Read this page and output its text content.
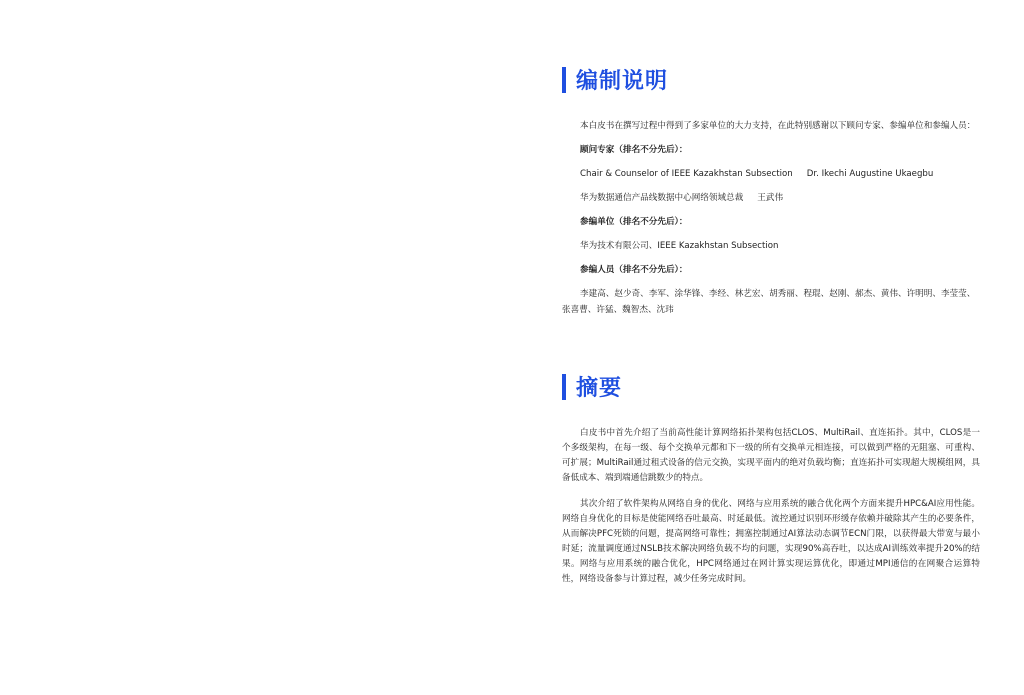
编制说明
本白皮书在撰写过程中得到了多家单位的大力支持，在此特别感谢以下顾问专家、参编单位和参编人员：
顾问专家（排名不分先后）：
Chair & Counselor of IEEE Kazakhstan Subsection Dr. Ikechi Augustine Ukaegbu
华为数据通信产品线数据中心网络领域总裁 王武伟
参编单位（排名不分先后）：
华为技术有限公司、IEEE Kazakhstan Subsection
参编人员（排名不分先后）：
李建高、赵少奇、李军、涂华锋、李经、林艺宏、胡秀丽、程琨、赵刚、郝杰、黄伟、许明明、李莹莹、
张喜曹、许猛、魏智杰、沈玮
摘要
白皮书中首先介绍了当前高性能计算网络拓扑架构包括CLOS、MultiRail、直连拓扑。其中，CLOS是一个多级架构，在每一级、每个交换单元都和下一级的所有交换单元相连接，可以做到严格的无阻塞、可重构、可扩展；MultiRail通过租式设备的信元交换，实现平面内的绝对负载均衡；直连拓扑可实现超大规模组网，具备低成本、端到端通信跳数少的特点。
其次介绍了软件架构从网络自身的优化、网络与应用系统的融合优化两个方面来提升HPC&AI应用性能。网络自身优化的目标是使能网络吞吐最高、时延最低。流控通过识别环形缓存依赖并破除其产生的必要条件，从而解决PFC死锁的问题，提高网络可靠性；拥塞控制通过AI算法动态调节ECN门限，以获得最大带宽与最小时延；流量调度通过NSLB技术解决网络负载不均的问题，实现90%高吞吐，以达成AI训练效率提升20%的结果。网络与应用系统的融合优化，HPC网络通过在网计算实现运算优化，即通过MPI通信的在网聚合运算特性，网络设备参与计算过程，减少任务完成时间。
